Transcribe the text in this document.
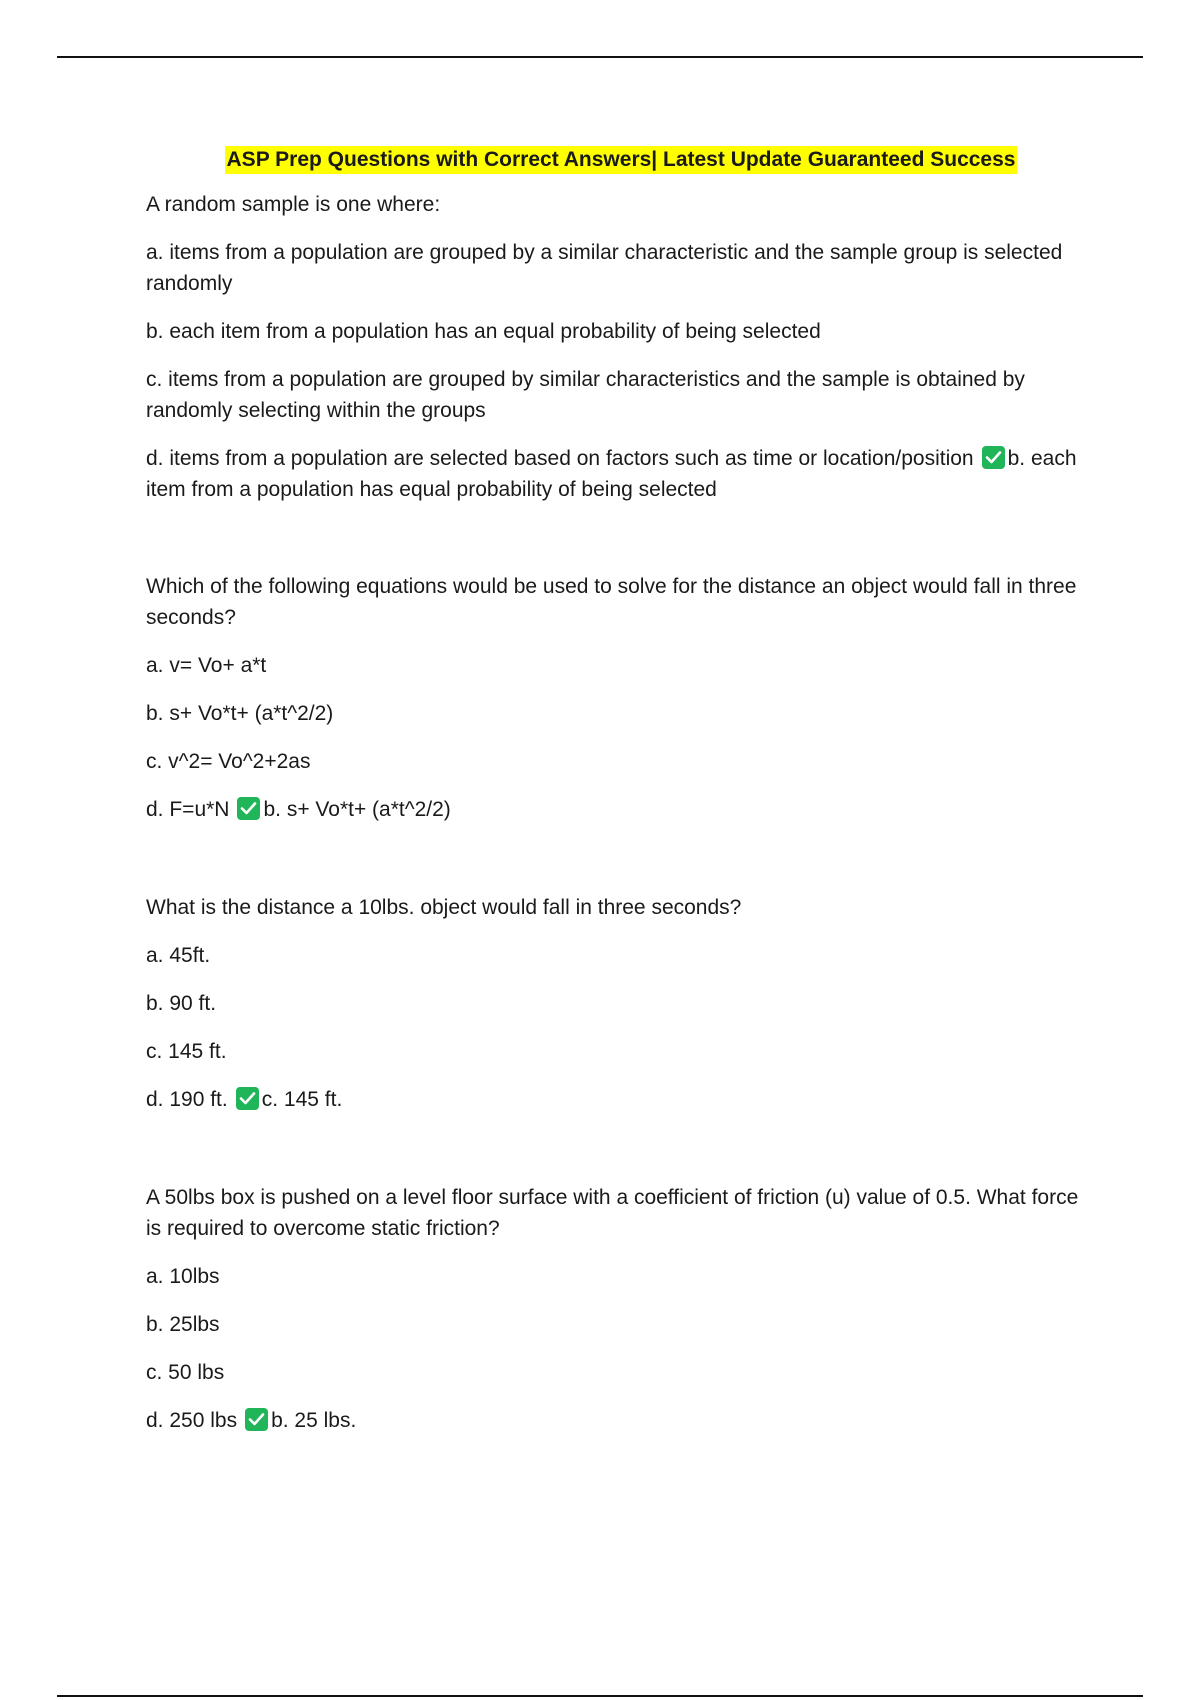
ASP Prep Questions with Correct Answers| Latest Update Guaranteed Success

A random sample is one where:

a. items from a population are grouped by a similar characteristic and the sample group is selected randomly

b. each item from a population has an equal probability of being selected

c. items from a population are grouped by similar characteristics and the sample is obtained by randomly selecting within the groups

d. items from a population are selected based on factors such as time or location/position b. each item from a population has equal probability of being selected

Which of the following equations would be used to solve for the distance an object would fall in three seconds?

a. v= Vo+ a*t

b. s+ Vo*t+ (a*t^2/2)

c. v^2= Vo^2+2as

d. F=u*N b. s+ Vo*t+ (a*t^2/2)

What is the distance a 10lbs. object would fall in three seconds?

a. 45ft.

b. 90 ft.

c. 145 ft.

d. 190 ft. c. 145 ft.

A 50lbs box is pushed on a level floor surface with a coefficient of friction (u) value of 0.5. What force is required to overcome static friction?

a. 10lbs

b. 25lbs

c. 50 lbs

d. 250 lbs b. 25 lbs.
